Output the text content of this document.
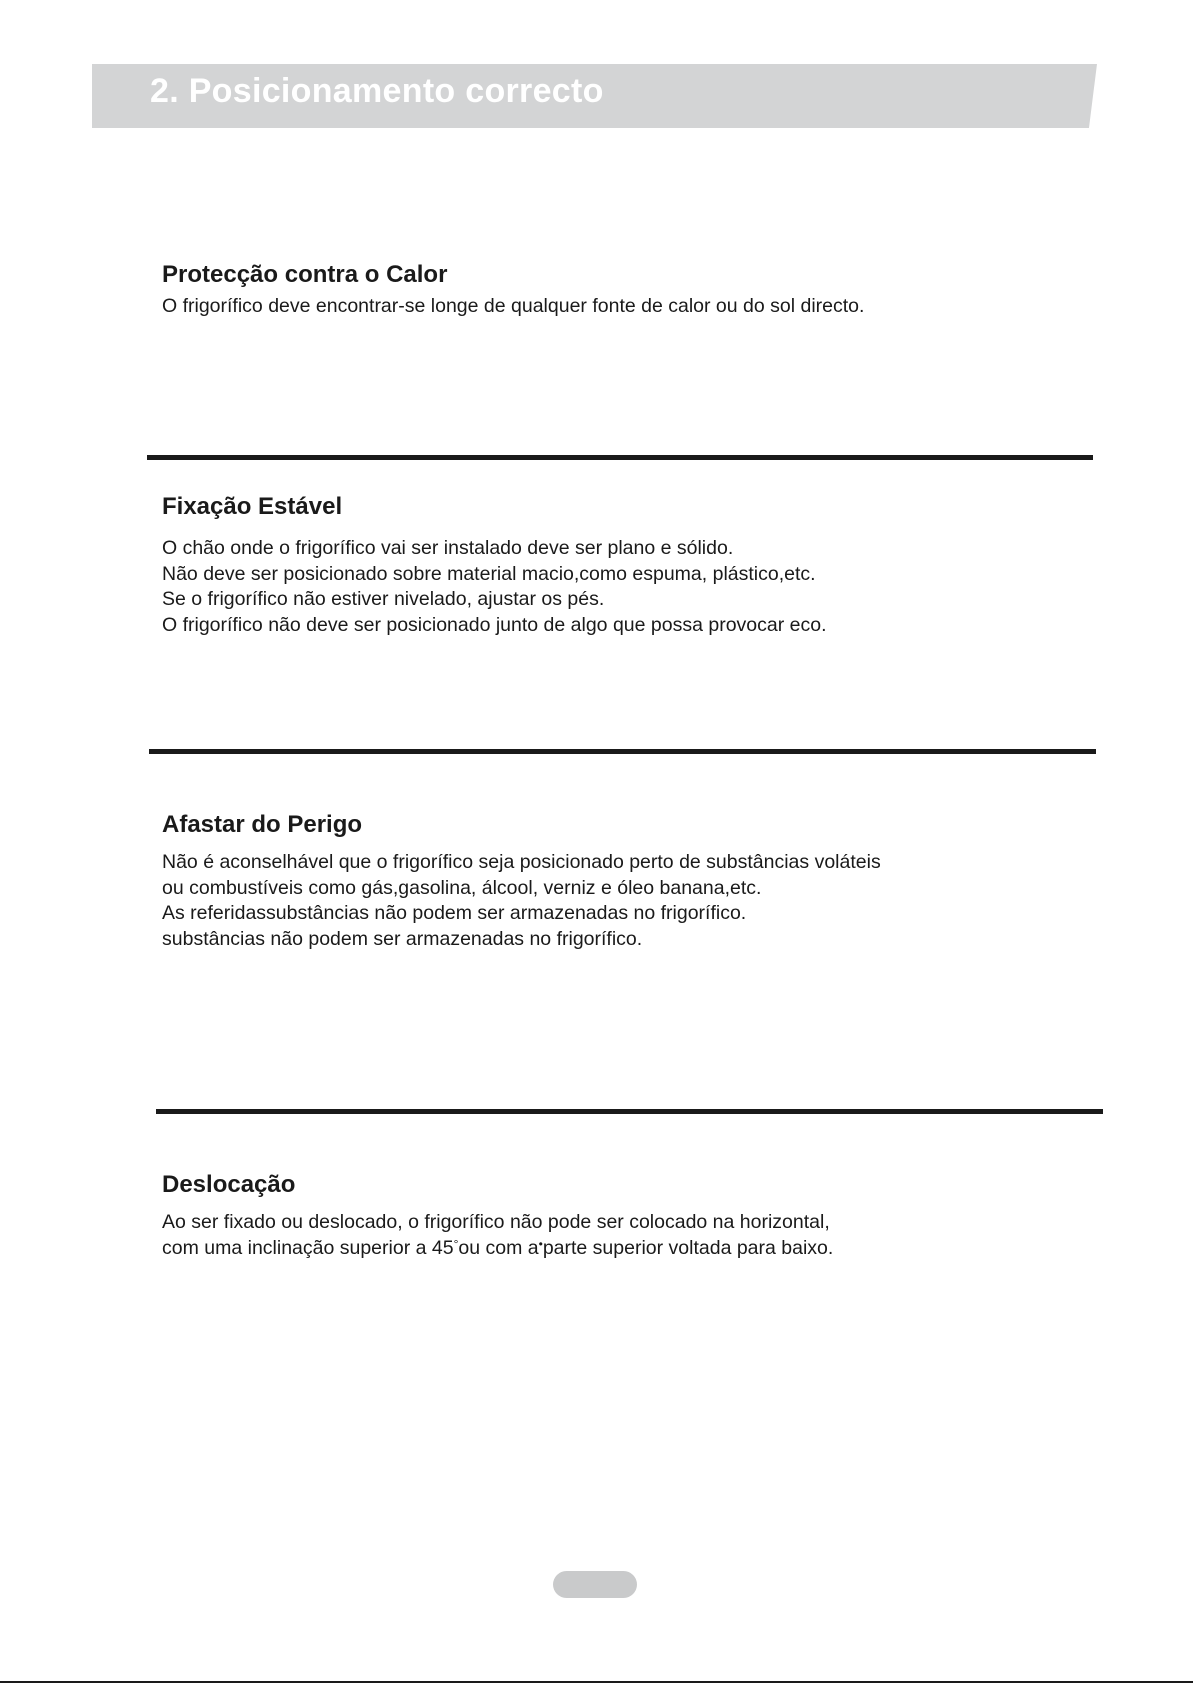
2. Posicionamento correcto
Protecção contra o Calor

O frigorífico deve encontrar-se longe de qualquer fonte de calor ou do sol directo.

Fixação Estável

O chão onde o frigorífico vai ser instalado deve ser plano e sólido.
Não deve ser posicionado sobre material macio,como espuma, plástico,etc.
Se o frigorífico não estiver nivelado, ajustar os pés.
O frigorífico não deve ser posicionado junto de algo que possa provocar eco.

Afastar do Perigo

Não é aconselhável que o frigorífico seja posicionado perto de substâncias voláteis
ou combustíveis como gás,gasolina, álcool, verniz e óleo banana,etc.
As referidassubstâncias não podem ser armazenadas no frigorífico.
substâncias não podem ser armazenadas no frigorífico.

Deslocação

Ao ser fixado ou deslocado, o frigorífico não pode ser colocado na horizontal,
com uma inclinação superior a 45°ou com a•parte superior voltada para baixo.
